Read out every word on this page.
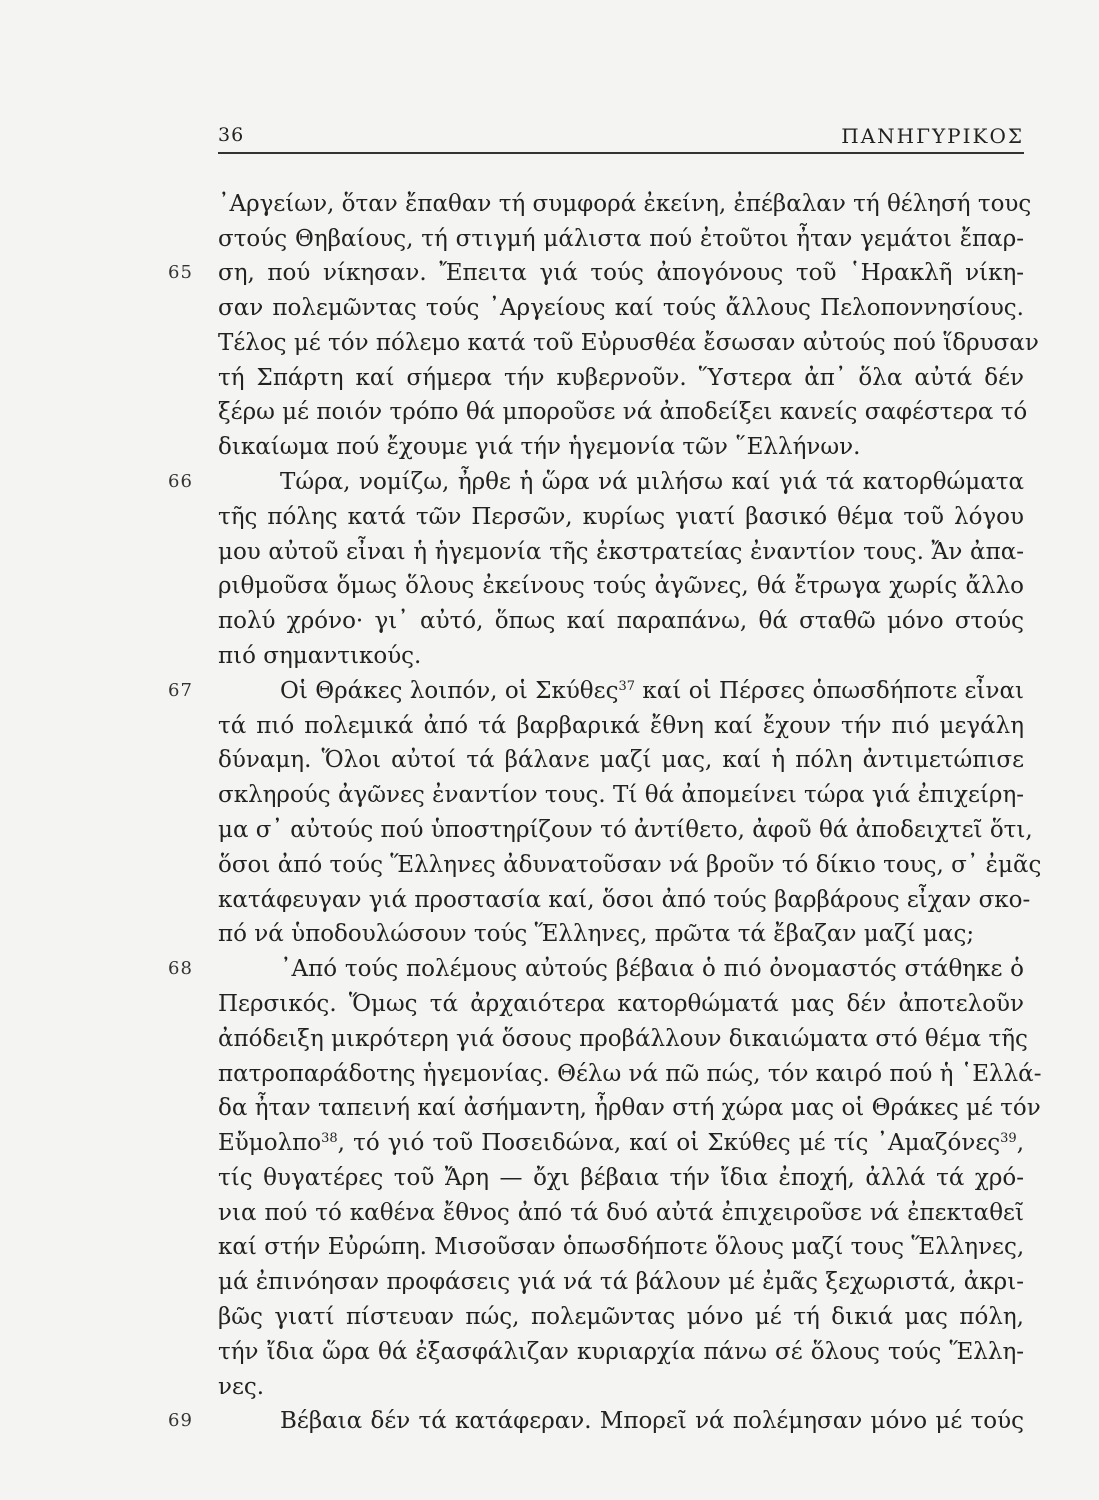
36	ΠΑΝΗΓΥΡΙΚΟΣ
65
66
67
68
69
᾿Αργείων, ὅταν ἔπαθαν τή συμφορά ἐκείνη, ἐπέβαλαν τή θέλησή τους
στούς Θηβαίους, τή στιγμή μάλιστα πού ἐτοῦτοι ἦταν γεμάτοι ἔπαρ-
ση, πού νίκησαν. Ἔπειτα γιά τούς ἀπογόνους τοῦ ῾Ηρακλῆ νίκη-
σαν πολεμῶντας τούς ᾿Αργείους καί τούς ἄλλους Πελοποννησίους.
Τέλος μέ τόν πόλεμο κατά τοῦ Εὐρυσθέα ἔσωσαν αὐτούς πού ἵδρυσαν
τή Σπάρτη καί σήμερα τήν κυβερνοῦν. Ὕστερα ἀπ᾿ ὅλα αὐτά δέν
ξέρω μέ ποιόν τρόπο θά μποροῦσε νά ἀποδείξει κανείς σαφέστερα τό
δικαίωμα πού ἔχουμε γιά τήν ἡγεμονία τῶν ῞Ελλήνων.
Τώρα, νομίζω, ἦρθε ἡ ὥρα νά μιλήσω καί γιά τά κατορθώματα
τῆς πόλης κατά τῶν Περσῶν, κυρίως γιατί βασικό θέμα τοῦ λόγου
μου αὐτοῦ εἶναι ἡ ἡγεμονία τῆς ἐκστρατείας ἐναντίον τους. Ἄν ἀπα-
ριθμοῦσα ὅμως ὅλους ἐκείνους τούς ἀγῶνες, θά ἔτρωγα χωρίς ἄλλο
πολύ χρόνο· γι᾿ αὐτό, ὅπως καί παραπάνω, θά σταθῶ μόνο στούς
πιό σημαντικούς.
Οἱ Θράκες λοιπόν, οἱ Σκύθες$^{37}$ καί οἱ Πέρσες ὁπωσδήποτε εἶναι
τά πιό πολεμικά ἀπό τά βαρβαρικά ἔθνη καί ἔχουν τήν πιό μεγάλη
δύναμη. Ὅλοι αὐτοί τά βάλανε μαζί μας, καί ἡ πόλη ἀντιμετώπισε
σκληρούς ἀγῶνες ἐναντίον τους. Τί θά ἀπομείνει τώρα γιά ἐπιχείρη-
μα σ᾿ αὐτούς πού ὑποστηρίζουν τό ἀντίθετο, ἀφοῦ θά ἀποδειχτεῖ ὅτι,
ὅσοι ἀπό τούς Ἕλληνες ἀδυνατοῦσαν νά βροῦν τό δίκιο τους, σ᾿ ἐμᾶς
κατάφευγαν γιά προστασία καί, ὅσοι ἀπό τούς βαρβάρους εἶχαν σκο-
πό νά ὑποδουλώσουν τούς Ἕλληνες, πρῶτα τά ἔβαζαν μαζί μας;
᾿Από τούς πολέμους αὐτούς βέβαια ὁ πιό ὀνομαστός στάθηκε ὁ
Περσικός. Ὅμως τά ἀρχαιότερα κατορθώματά μας δέν ἀποτελοῦν
ἀπόδειξη μικρότερη γιά ὅσους προβάλλουν δικαιώματα στό θέμα τῆς
πατροπαράδοτης ἡγεμονίας. Θέλω νά πῶ πώς, τόν καιρό πού ἡ ῾Ελλά-
δα ἦταν ταπεινή καί ἀσήμαντη, ἦρθαν στή χώρα μας οἱ Θράκες μέ τόν
Εὔμολπο$^{38}$, τό γιό τοῦ Ποσειδώνα, καί οἱ Σκύθες μέ τίς ᾿Αμαζόνες$^{39}$,
τίς θυγατέρες τοῦ Ἄρη — ὄχι βέβαια τήν ἴδια ἐποχή, ἀλλά τά χρό-
νια πού τό καθένα ἔθνος ἀπό τά δυό αὐτά ἐπιχειροῦσε νά ἐπεκταθεῖ
καί στήν Εὐρώπη. Μισοῦσαν ὁπωσδήποτε ὅλους μαζί τους Ἕλληνες,
μά ἐπινόησαν προφάσεις γιά νά τά βάλουν μέ ἐμᾶς ξεχωριστά, ἀκρι-
βῶς γιατί πίστευαν πώς, πολεμῶντας μόνο μέ τή δικιά μας πόλη,
τήν ἴδια ὥρα θά ἐξασφάλιζαν κυριαρχία πάνω σέ ὅλους τούς Ἕλλη-
νες.
Βέβαια δέν τά κατάφεραν. Μπορεῖ νά πολέμησαν μόνο μέ τούς
